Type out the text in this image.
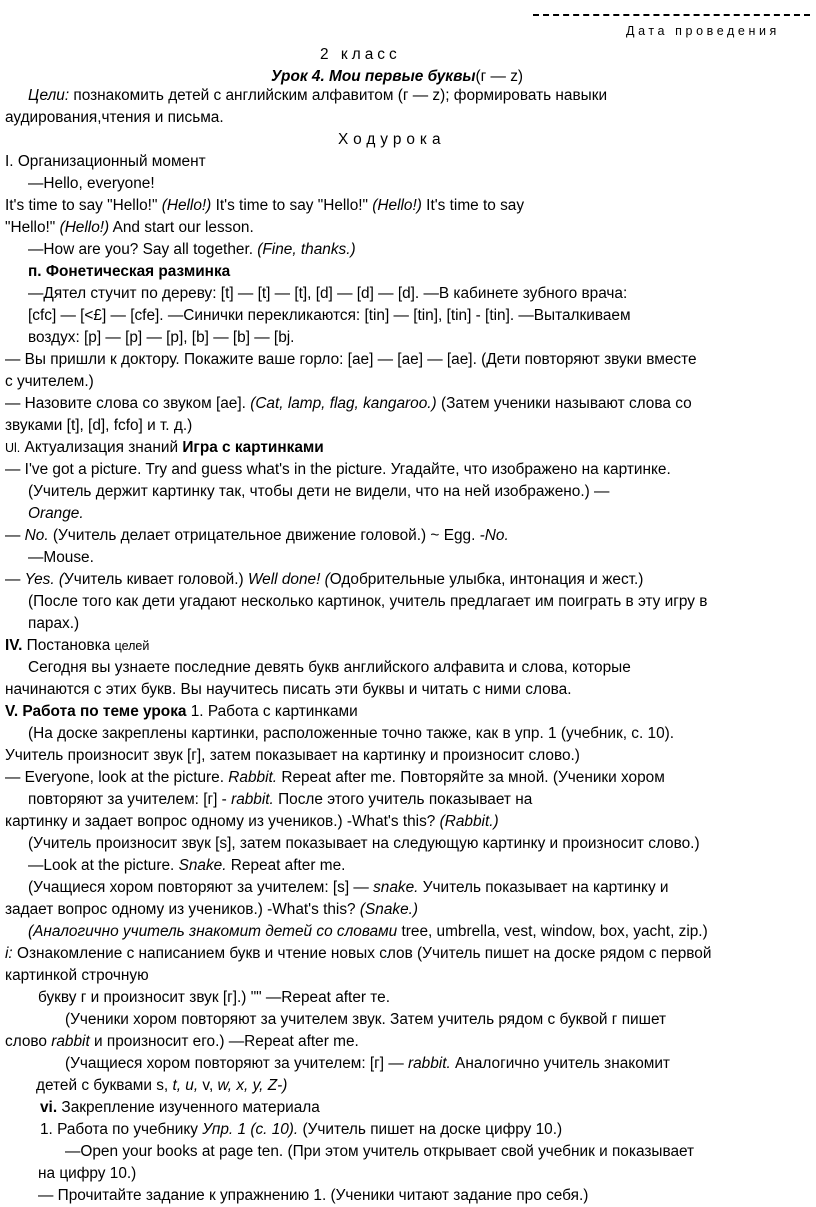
Дата проведения
2 класс
Урок 4. Мои первые буквы(г — z)
Цели: познакомить детей с английским алфавитом (г — z); формировать навыки
аудирования,чтения и письма.
Ходурока
I. Организационный момент
—Hello, everyone!
It's time to say "Hello!" (Hello!) It's time to say "Hello!" (Hello!) It's time to say
"Hello!" (Hello!) And start our lesson.
—How are you? Say all together. (Fine, thanks.)
п. Фонетическая разминка
—Дятел стучит по дереву: [t] — [t] — [t], [d] — [d] — [d]. —В кабинете зубного врача:
[cfc] — [<£] — [cfe]. —Синички перекликаются: [tin] — [tin], [tin] - [tin]. —Выталкиваем
воздух: [p] — [p] — [p], [b] — [b] — [bj.
— Вы пришли к доктору. Покажите ваше горло: [ae] — [ae] — [ae]. (Дети повторяют звуки вместе
с учителем.)
— Назовите слова со звуком [ae]. (Cat, lamp, flag, kangaroo.) (Затем ученики называют слова со
звуками [t], [d], fcfo] и т. д.)
Ul. Актуализация знаний Игра с картинками
— I've got a picture. Try and guess what's in the picture. Угадайте, что изображено на картинке.
(Учитель держит картинку так, чтобы дети не видели, что на ней изображено.) —
Orange.
— No. (Учитель делает отрицательное движение головой.) ~ Egg. -No.
—Mouse.
— Yes. (Учитель кивает головой.) Well done! (Одобрительные улыбка, интонация и жест.)
(После того как дети угадают несколько картинок, учитель предлагает им поиграть в эту игру в
парах.)
IV. Постановка целей
Сегодня вы узнаете последние девять букв английского алфавита и слова, которые
начинаются с этих букв. Вы научитесь писать эти буквы и читать с ними слова.
V. Работа по теме урока 1. Работа с картинками
(На доске закреплены картинки, расположенные точно также, как в упр. 1 (учебник, с. 10).
Учитель произносит звук [г], затем показывает на картинку и произносит слово.)
— Everyone, look at the picture. Rabbit. Repeat after me. Повторяйте за мной. (Ученики хором
повторяют за учителем: [г] - rabbit. После этого учитель показывает на
картинку и задает вопрос одному из учеников.) -What's this? (Rabbit.)
(Учитель произносит звук [s], затем показывает на следующую картинку и произносит слово.)
—Look at the picture. Snake. Repeat after me.
(Учащиеся хором повторяют за учителем: [s] — snake. Учитель показывает на картинку и
задает вопрос одному из учеников.) -What's this? (Snake.)
(Аналогично учитель знакомит детей со словами tree, umbrella, vest, window, box, yacht, zip.)
i: Ознакомление с написанием букв и чтение новых слов (Учитель пишет на доске рядом с первой
картинкой строчную
букву г и произносит звук [г].) "" —Repeat after те.
(Ученики хором повторяют за учителем звук. Затем учитель рядом с буквой г пишет
слово rabbit и произносит его.) —Repeat after me.
(Учащиеся хором повторяют за учителем: [г] — rabbit. Аналогично учитель знакомит
детей с буквами s, t, u, v, w, x, y, Z-)
vi. Закрепление изученного материала
1. Работа по учебнику Упр. 1 (с. 10). (Учитель пишет на доске цифру 10.)
—Open your books at page ten. (При этом учитель открывает свой учебник и показывает
на цифру 10.)
— Прочитайте задание к упражнению 1. (Ученики читают задание про себя.)
